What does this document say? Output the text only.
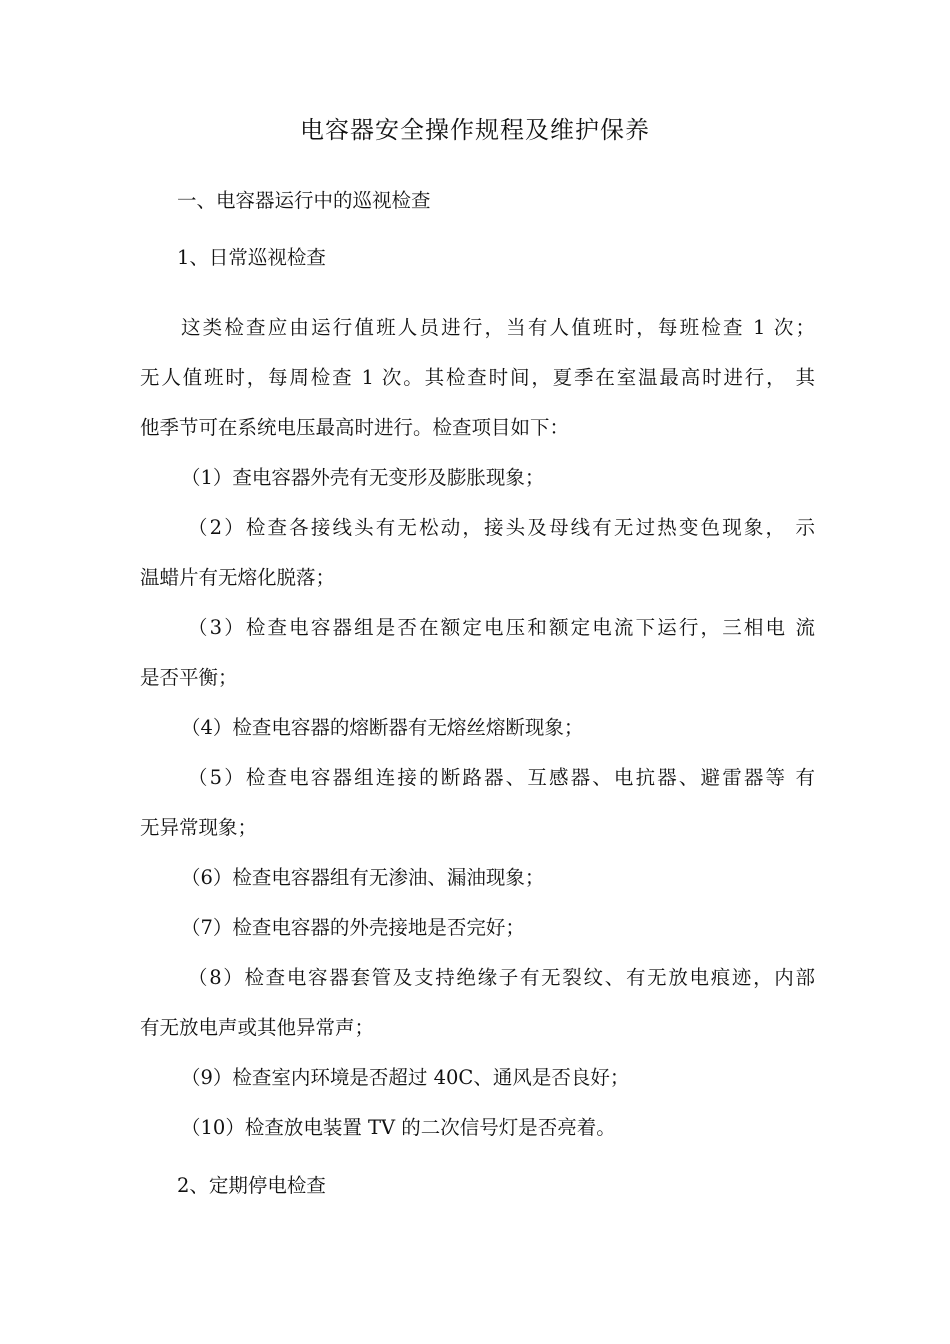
电容器安全操作规程及维护保养
一、电容器运行中的巡视检查
1、日常巡视检查
这类检查应由运行值班人员进行，当有人值班时，每班检查 1 次；
无人值班时，每周检查 1 次。其检查时间，夏季在室温最高时进行， 其
他季节可在系统电压最高时进行。检查项目如下：
（1）查电容器外壳有无变形及膨胀现象；
（2）检查各接线头有无松动，接头及母线有无过热变色现象， 示
温蜡片有无熔化脱落；
（3）检查电容器组是否在额定电压和额定电流下运行，三相电 流
是否平衡；
（4）检查电容器的熔断器有无熔丝熔断现象；
（5）检查电容器组连接的断路器、互感器、电抗器、避雷器等 有
无异常现象；
（6）检查电容器组有无渗油、漏油现象；
（7）检查电容器的外壳接地是否完好；
（8）检查电容器套管及支持绝缘子有无裂纹、有无放电痕迹，内部
有无放电声或其他异常声；
（9）检查室内环境是否超过 40C、通风是否良好；
（10）检查放电装置 TV 的二次信号灯是否亮着。
2、定期停电检查
